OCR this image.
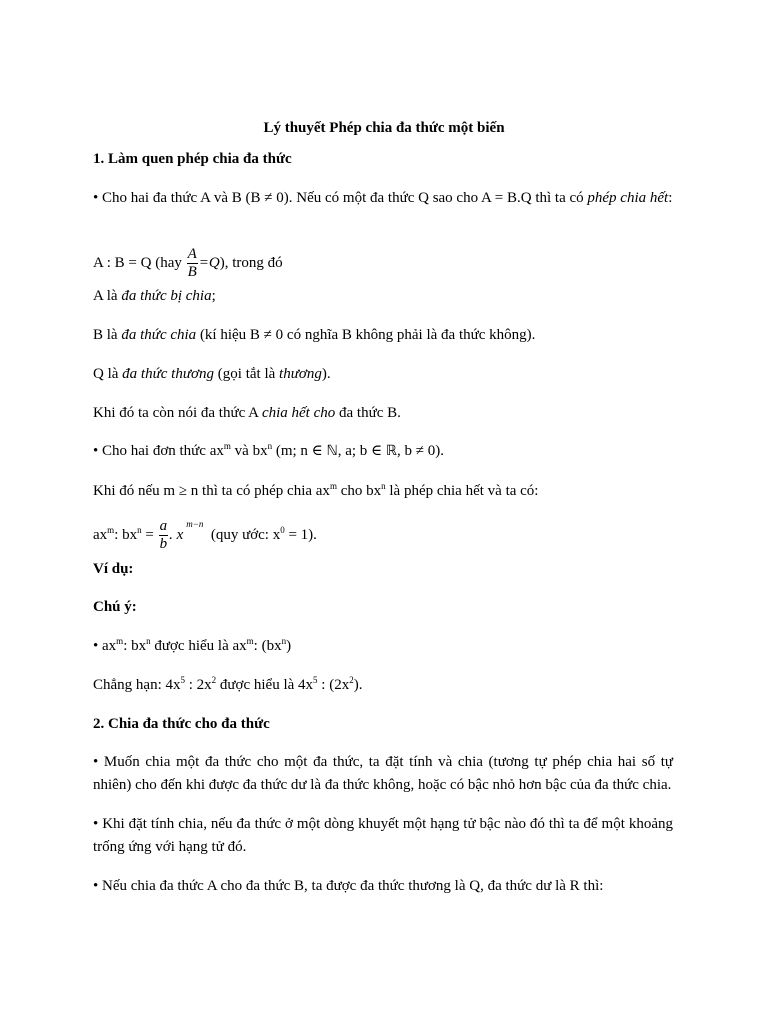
Lý thuyết Phép chia đa thức một biến
1. Làm quen phép chia đa thức
• Cho hai đa thức A và B (B ≠ 0). Nếu có một đa thức Q sao cho A = B.Q thì ta có phép chia hết:
A : B = Q $(hay \frac{A}{B} =Q)$, trong đó
A là đa thức bị chia;
B là đa thức chia (kí hiệu B ≠ 0 có nghĩa B không phải là đa thức không).
Q là đa thức thương (gọi tắt là thương).
Khi đó ta còn nói đa thức A chia hết cho đa thức B.
• Cho hai đơn thức $ax^m$ và $bx^n$ (m; n ∈ ℕ, a; b ∈ ℝ, b ≠ 0).
Khi đó nếu m ≥ n thì ta có phép chia $ax^m$ cho $bx^n$ là phép chia hết và ta có:
$ax^m$: $bx^n = \frac{a}{b}$ . $x^{m-n}$  (quy ước: $x^0 = 1$).
Ví dụ:
Chú ý:
• $ax^m$: $bx^n$ được hiểu là $ax^m$: $(bx^n)$
Chẳng hạn: $4x^5$ : $2x^2$ được hiểu là $4x^5$ : $(2x^2)$.
2. Chia đa thức cho đa thức
• Muốn chia một đa thức cho một đa thức, ta đặt tính và chia (tương tự phép chia hai số tự nhiên) cho đến khi được đa thức dư là đa thức không, hoặc có bậc nhỏ hơn bậc của đa thức chia.
• Khi đặt tính chia, nếu đa thức ở một dòng khuyết một hạng tử bậc nào đó thì ta để một khoảng trống ứng với hạng tử đó.
• Nếu chia đa thức A cho đa thức B, ta được đa thức thương là Q, đa thức dư là R thì:
